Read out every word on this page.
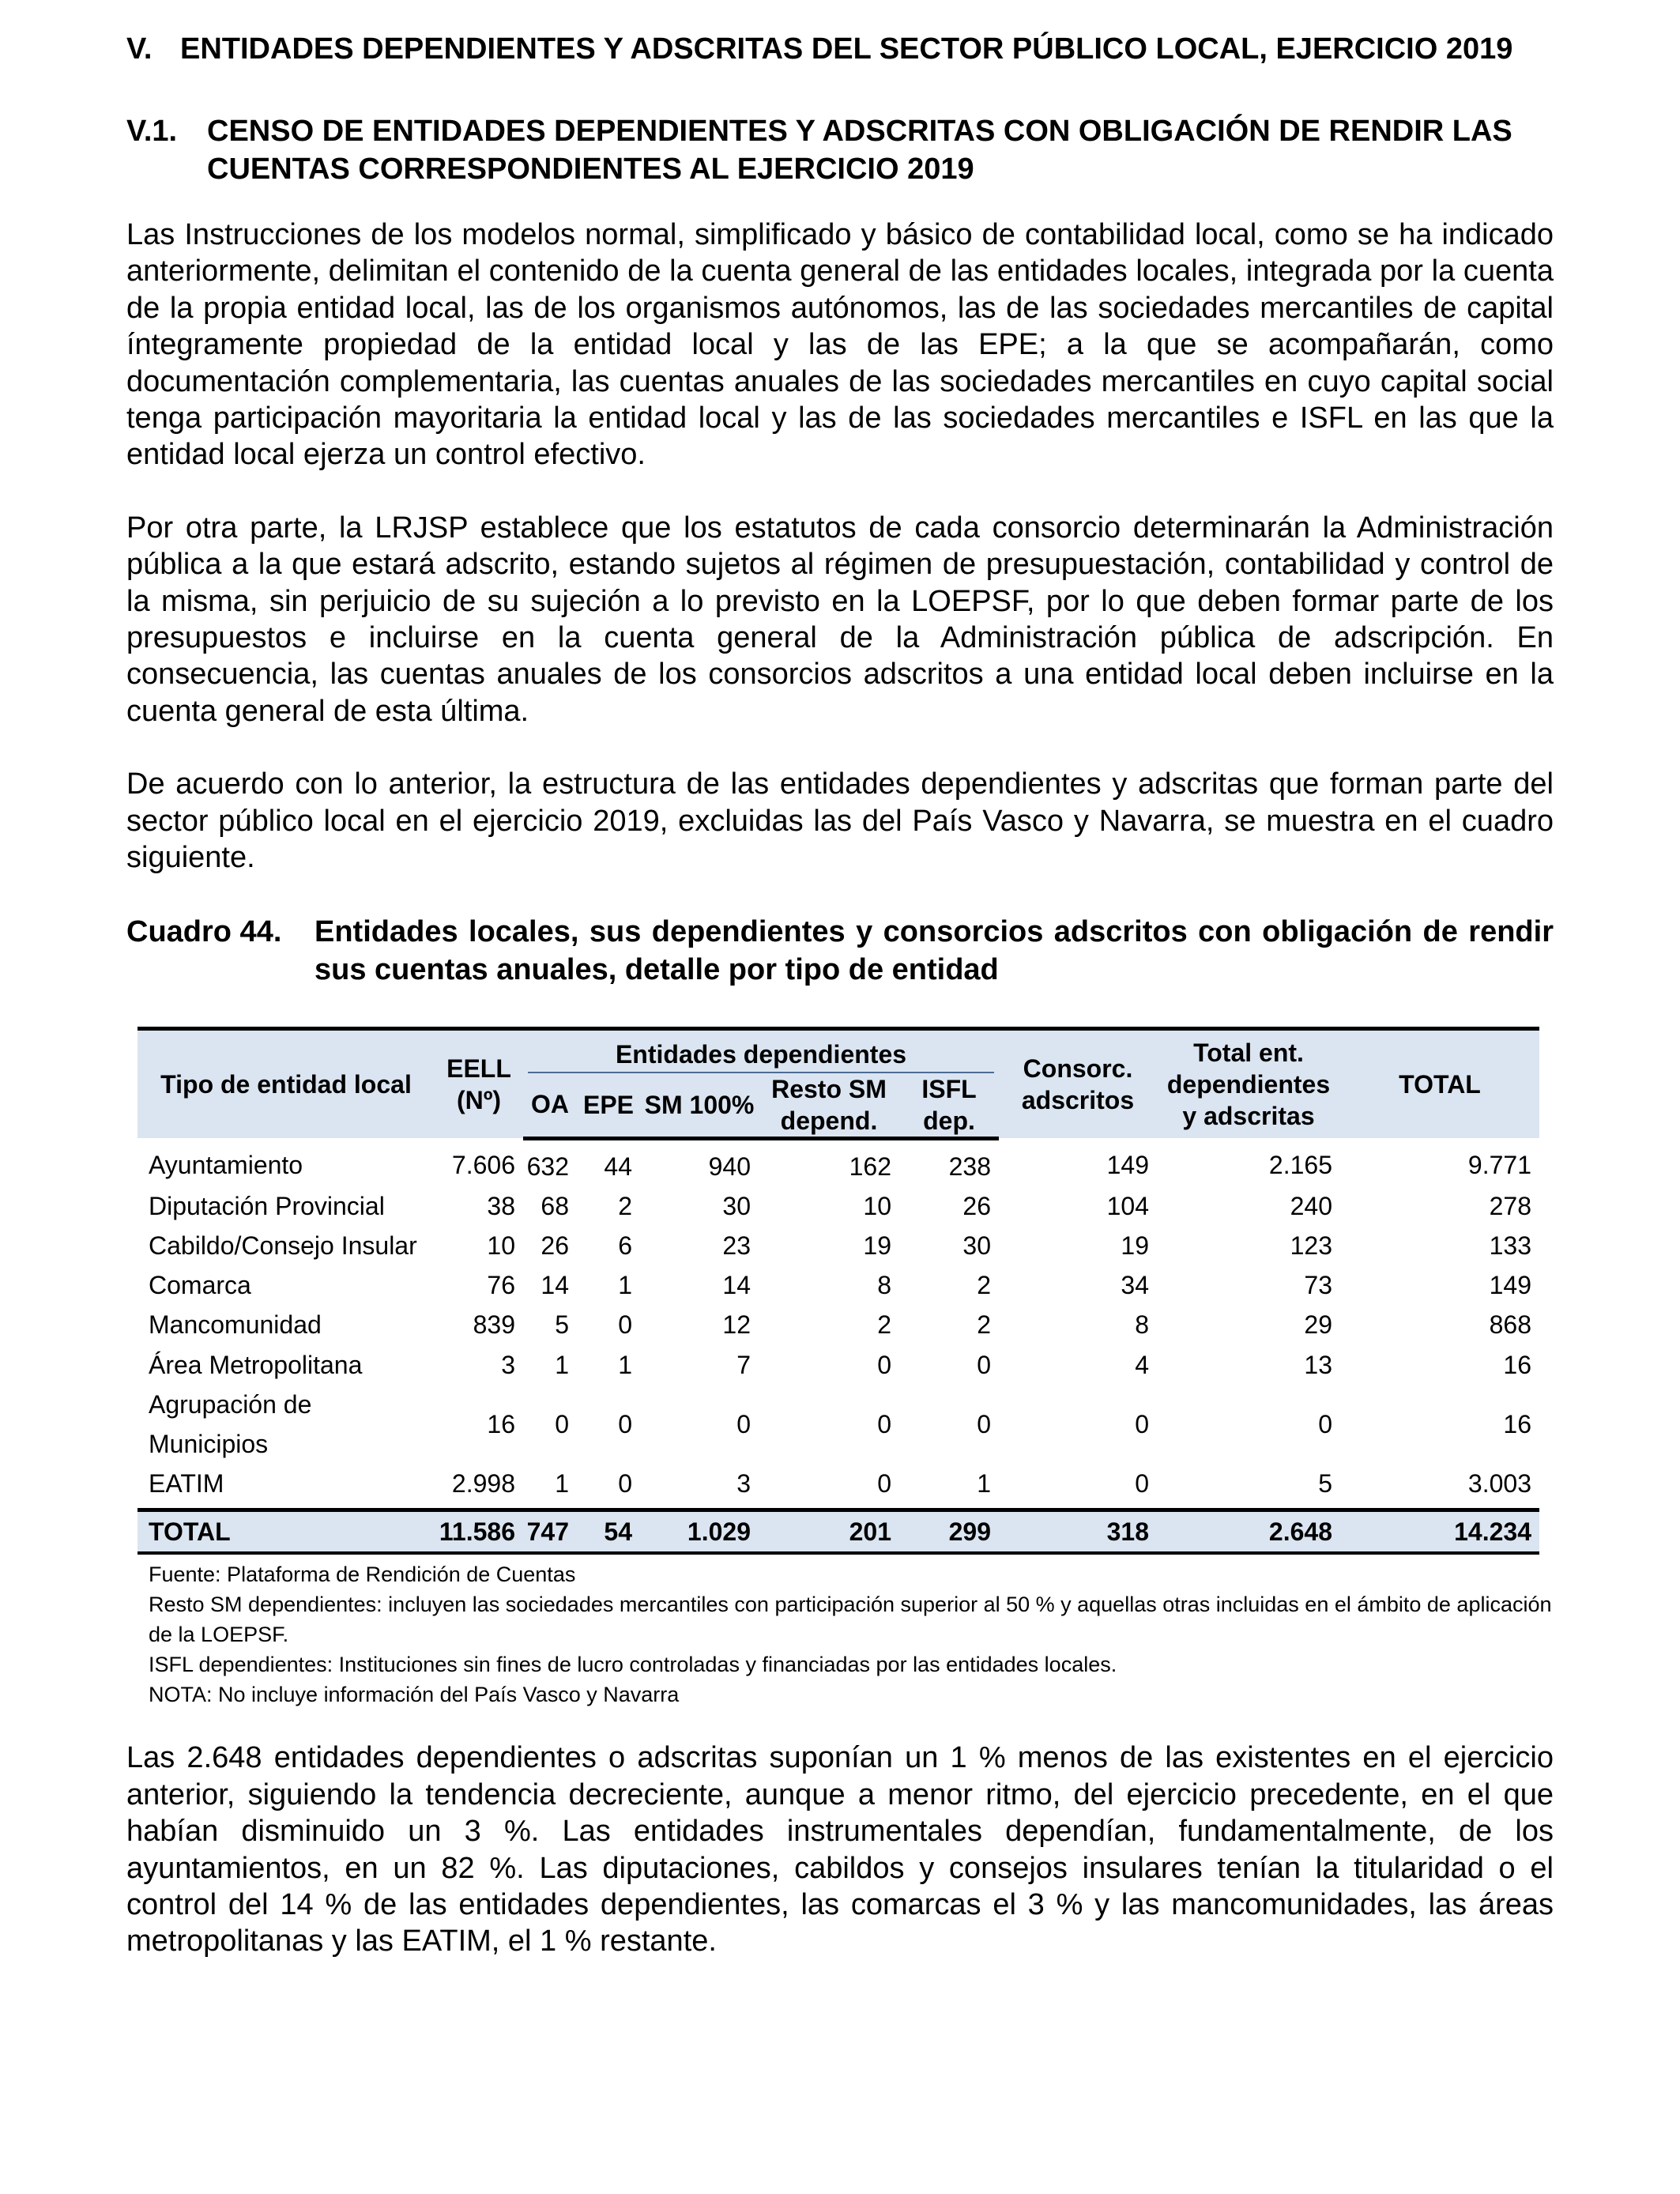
V. ENTIDADES DEPENDIENTES Y ADSCRITAS DEL SECTOR PÚBLICO LOCAL, EJERCICIO 2019
V.1. CENSO DE ENTIDADES DEPENDIENTES Y ADSCRITAS CON OBLIGACIÓN DE RENDIR LAS CUENTAS CORRESPONDIENTES AL EJERCICIO 2019

Las Instrucciones de los modelos normal, simplificado y básico de contabilidad local, como se ha indicado anteriormente, delimitan el contenido de la cuenta general de las entidades locales, integrada por la cuenta de la propia entidad local, las de los organismos autónomos, las de las sociedades mercantiles de capital íntegramente propiedad de la entidad local y las de las EPE; a la que se acompañarán, como documentación complementaria, las cuentas anuales de las sociedades mercantiles en cuyo capital social tenga participación mayoritaria la entidad local y las de las sociedades mercantiles e ISFL en las que la entidad local ejerza un control efectivo.

Por otra parte, la LRJSP establece que los estatutos de cada consorcio determinarán la Administración pública a la que estará adscrito, estando sujetos al régimen de presupuestación, contabilidad y control de la misma, sin perjuicio de su sujeción a lo previsto en la LOEPSF, por lo que deben formar parte de los presupuestos e incluirse en la cuenta general de la Administración pública de adscripción. En consecuencia, las cuentas anuales de los consorcios adscritos a una entidad local deben incluirse en la cuenta general de esta última.

De acuerdo con lo anterior, la estructura de las entidades dependientes y adscritas que forman parte del sector público local en el ejercicio 2019, excluidas las del País Vasco y Navarra, se muestra en el cuadro siguiente.

Cuadro 44.	Entidades locales, sus dependientes y consorcios adscritos con obligación de rendir sus cuentas anuales, detalle por tipo de entidad
Tipo de entidad local	EELL (Nº)	Entidades dependientes					Consorc. adscritos	Total ent. dependientes y adscritas	TOTAL
		OA	EPE	SM 100%	Resto SM depend.	ISFL dep.			
Ayuntamiento	7.606	632	44	940	162	238	149	2.165	9.771
Diputación Provincial	38	68	2	30	10	26	104	240	278
Cabildo/Consejo Insular	10	26	6	23	19	30	19	123	133
Comarca	76	14	1	14	8	2	34	73	149
Mancomunidad	839	5	0	12	2	2	8	29	868
Área Metropolitana	3	1	1	7	0	0	4	13	16
Agrupación de Municipios	16	0	0	0	0	0	0	0	16
EATIM	2.998	1	0	3	0	1	0	5	3.003
TOTAL	11.586	747	54	1.029	201	299	318	2.648	14.234
Fuente: Plataforma de Rendición de Cuentas
Resto SM dependientes: incluyen las sociedades mercantiles con participación superior al 50 % y aquellas otras incluidas en el ámbito de aplicación de la LOEPSF.
ISFL dependientes: Instituciones sin fines de lucro controladas y financiadas por las entidades locales.
NOTA: No incluye información del País Vasco y Navarra

Las 2.648 entidades dependientes o adscritas suponían un 1 % menos de las existentes en el ejercicio anterior, siguiendo la tendencia decreciente, aunque a menor ritmo, del ejercicio precedente, en el que habían disminuido un 3 %. Las entidades instrumentales dependían, fundamentalmente, de los ayuntamientos, en un 82 %. Las diputaciones, cabildos y consejos insulares tenían la titularidad o el control del 14 % de las entidades dependientes, las comarcas el 3 % y las mancomunidades, las áreas metropolitanas y las EATIM, el 1 % restante.
